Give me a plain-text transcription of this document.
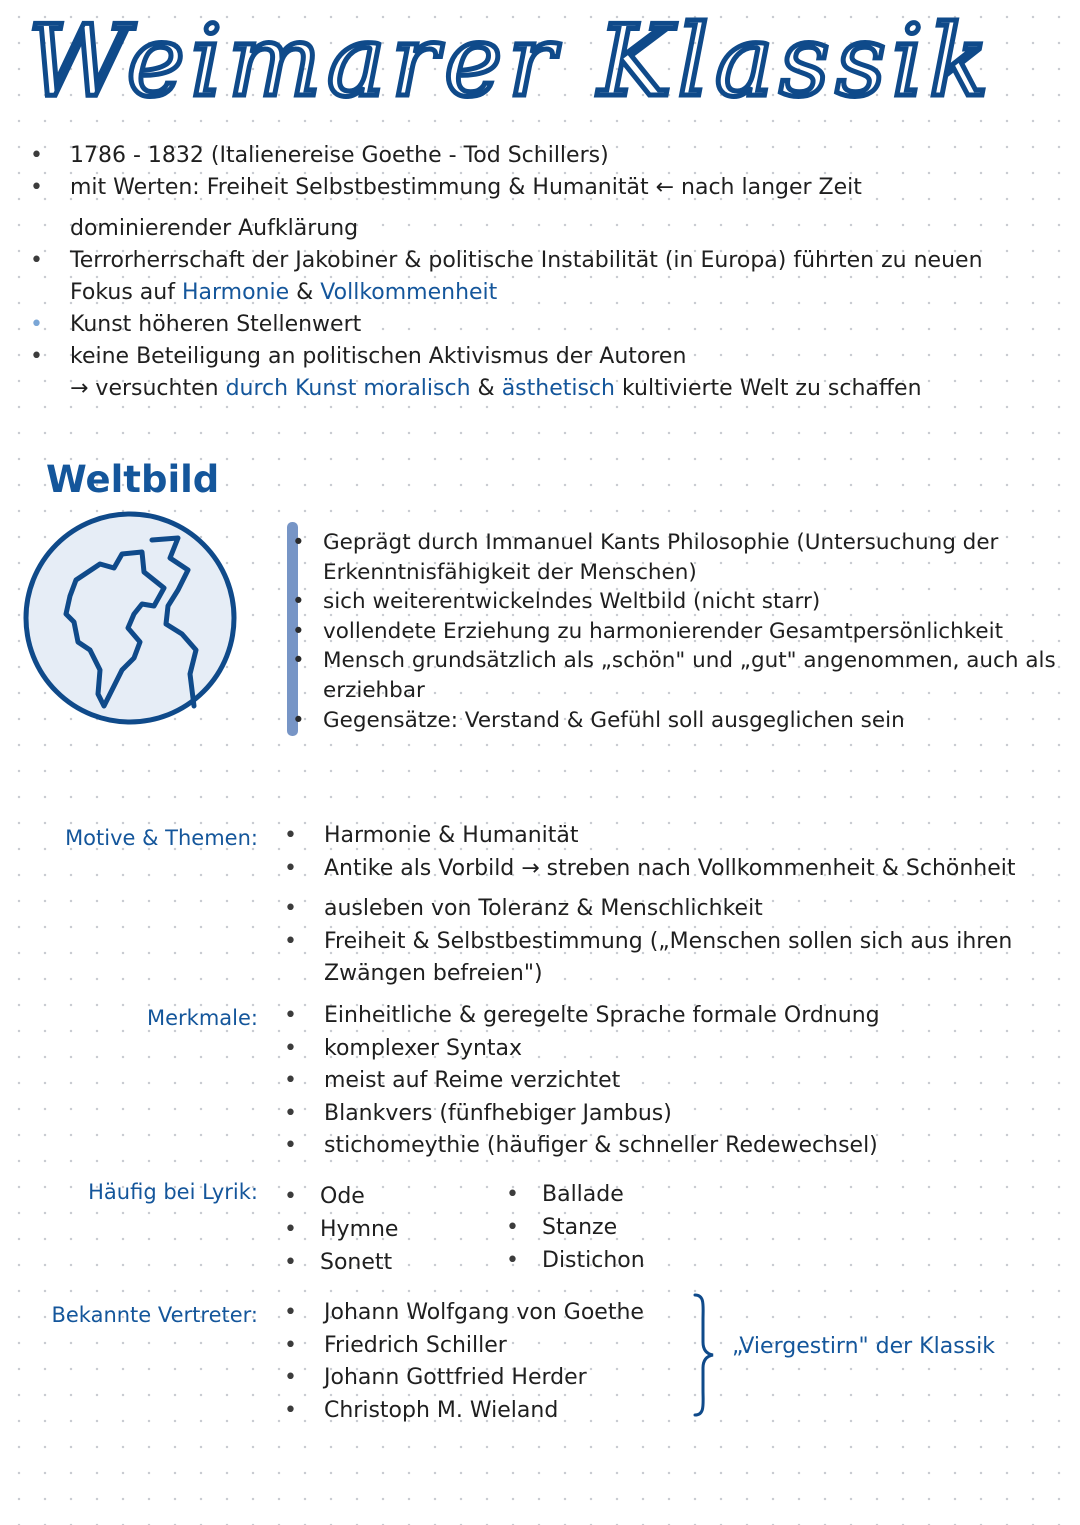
Weimarer Klassik
• 1786 - 1832 (Italienereise Goethe - Tod Schillers)
• mit Werten: Freiheit Selbstbestimmung & Humanität ← nach langer Zeit
dominierender Aufklärung
• Terrorherrschaft der Jakobiner & politische Instabilität (in Europa) führten zu neuen
Fokus auf Harmonie & Vollkommenheit
• Kunst höheren Stellenwert
• keine Beteiligung an politischen Aktivismus der Autoren
→ versuchten durch Kunst moralisch & ästhetisch kultivierte Welt zu schaffen
Weltbild
• Geprägt durch Immanuel Kants Philosophie (Untersuchung der Erkenntnisfähigkeit der Menschen)
• sich weiterentwickelndes Weltbild (nicht starr)
• vollendete Erziehung zu harmonierender Gesamtpersönlichkeit
• Mensch grundsätzlich als „schön" und „gut" angenommen, auch als erziehbar
• Gegensätze: Verstand & Gefühl soll ausgeglichen sein
Motive & Themen: • Harmonie & Humanität
• Antike als Vorbild → streben nach Vollkommenheit & Schönheit
• ausleben von Toleranz & Menschlichkeit
• Freiheit & Selbstbestimmung („Menschen sollen sich aus ihren Zwängen befreien")
Merkmale: • Einheitliche & geregelte Sprache formale Ordnung
• komplexer Syntax
• meist auf Reime verzichtet
• Blankvers (fünfhebiger Jambus)
• stichomeythie (häufiger & schneller Redewechsel)
Häufig bei Lyrik: • Ode
• Hymne
• Sonett
• Ballade
• Stanze
• Distichon
Bekannte Vertreter: • Johann Wolfgang von Goethe
• Friedrich Schiller
• Johann Gottfried Herder
• Christoph M. Wieland
„Viergestirn" der Klassik
